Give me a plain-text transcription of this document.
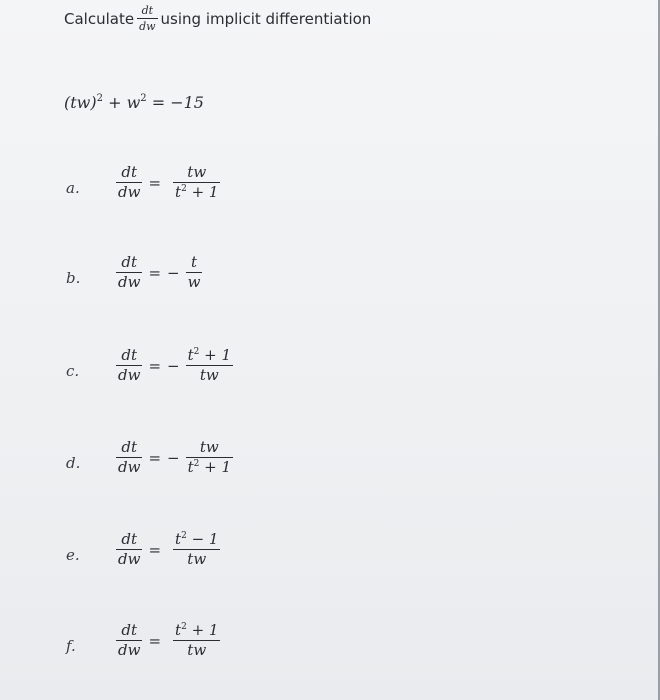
Calculate $\frac{dt}{dw}$ using implicit differentiation
$(tw)^2 + w^2 = -15$
a. $\frac{dt}{dw} = \frac{tw}{t^2 + 1}$
b. $\frac{dt}{dw}$ = − $\frac{t}{w}$
c. $\frac{dt}{dw}$ = − $\frac{t^2 + 1}{tw}$
d. $\frac{dt}{dw}$ = − $\frac{tw}{t^2 + 1}$
e. $\frac{dt}{dw} = \frac{t^2 - 1}{tw}$
f.	$\frac{dt}{dw} = \frac{t^2 + 1}{tw}$
